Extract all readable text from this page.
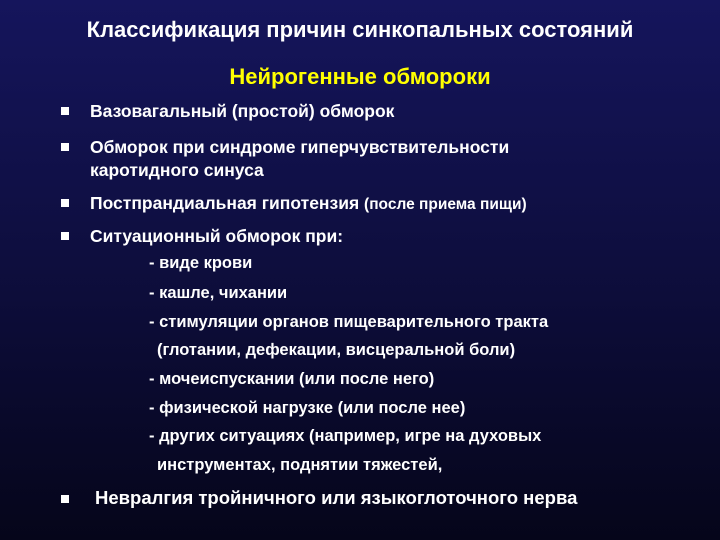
Классификация причин синкопальных состояний
Нейрогенные обмороки
Вазовагальный (простой) обморок
Обморок при синдроме гиперчувствительности
каротидного синуса
Постпрандиальная гипотензия (после приема пищи)
Ситуационный обморок при:
- виде крови
- кашле, чихании
- стимуляции органов пищеварительного тракта
(глотании, дефекации, висцеральной боли)
- мочеиспускании (или после него)
- физической нагрузке (или после нее)
- других ситуациях (например, игре на духовых
инструментах, поднятии тяжестей,
Невралгия тройничного или языкоглоточного нерва
